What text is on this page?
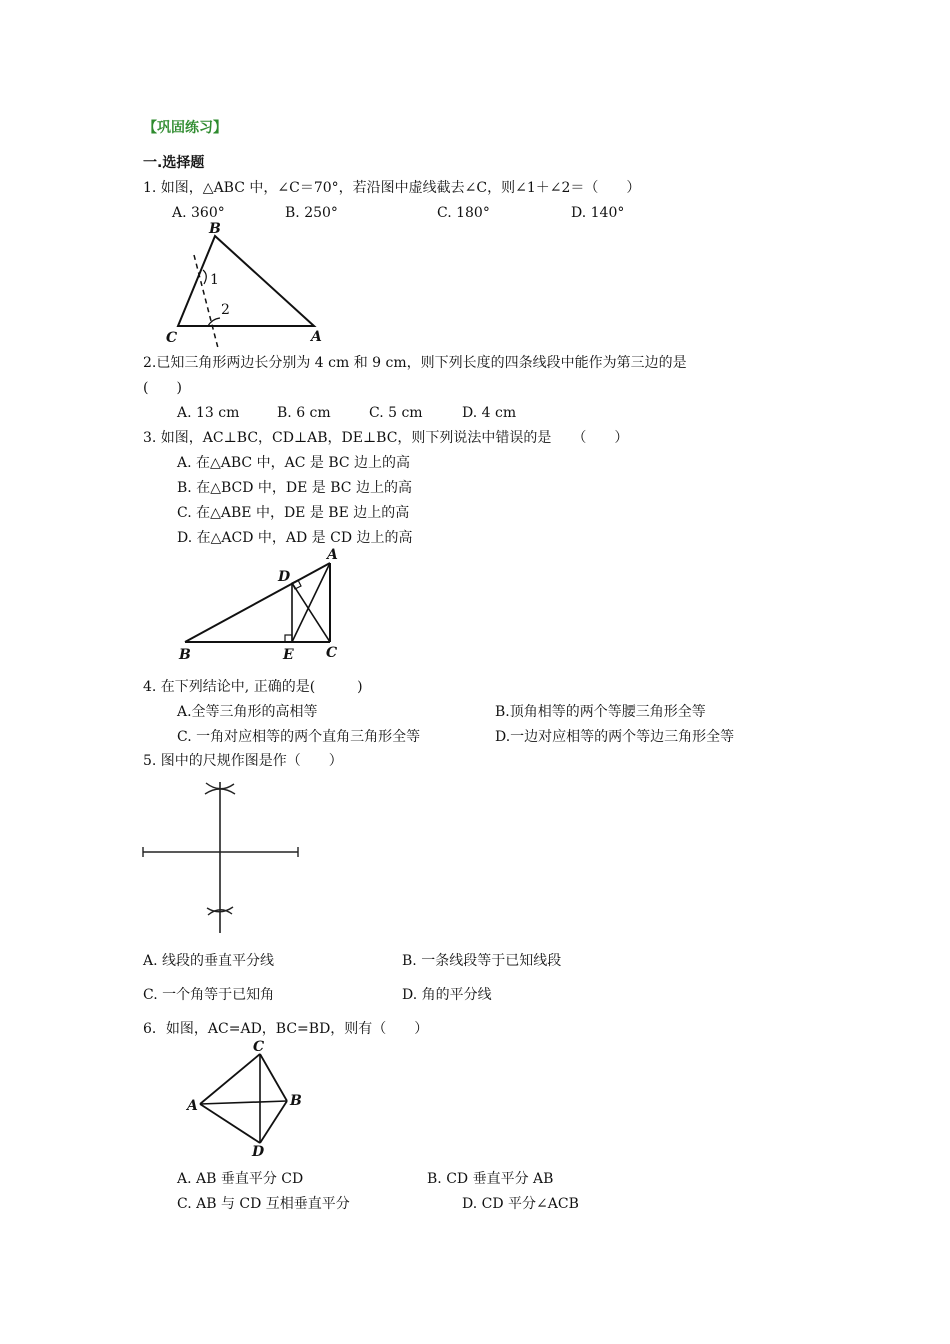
【巩固练习】
一.选择题
1. 如图，△ABC 中，∠C＝70°，若沿图中虚线截去∠C，则∠1＋∠2＝（　　）
A. 360°	B. 250°	C. 180°	D. 140°
B
C	A
1
2
2.已知三角形两边长分别为 4 cm 和 9 cm，则下列长度的四条线段中能作为第三边的是
(　　)
A. 13 cm	B. 6 cm	C. 5 cm	D. 4 cm
3. 如图，AC⊥BC，CD⊥AB，DE⊥BC，则下列说法中错误的是　　（　　）
A. 在△ABC 中，AC 是 BC 边上的高
B. 在△BCD 中，DE 是 BC 边上的高
C. 在△ABE 中，DE 是 BE 边上的高
D. 在△ACD 中，AD 是 CD 边上的高
A
D
B	E C
4. 在下列结论中, 正确的是(　　　)
A.全等三角形的高相等	B.顶角相等的两个等腰三角形全等
C. 一角对应相等的两个直角三角形全等	D.一边对应相等的两个等边三角形全等
5. 图中的尺规作图是作（　　）
A. 线段的垂直平分线	B. 一条线段等于已知线段
C. 一个角等于已知角	D. 角的平分线
6．如图，AC=AD，BC=BD，则有（　　）
C
A	B
D
A. AB 垂直平分 CD	B. CD 垂直平分 AB
C. AB 与 CD 互相垂直平分	D. CD 平分∠ACB
